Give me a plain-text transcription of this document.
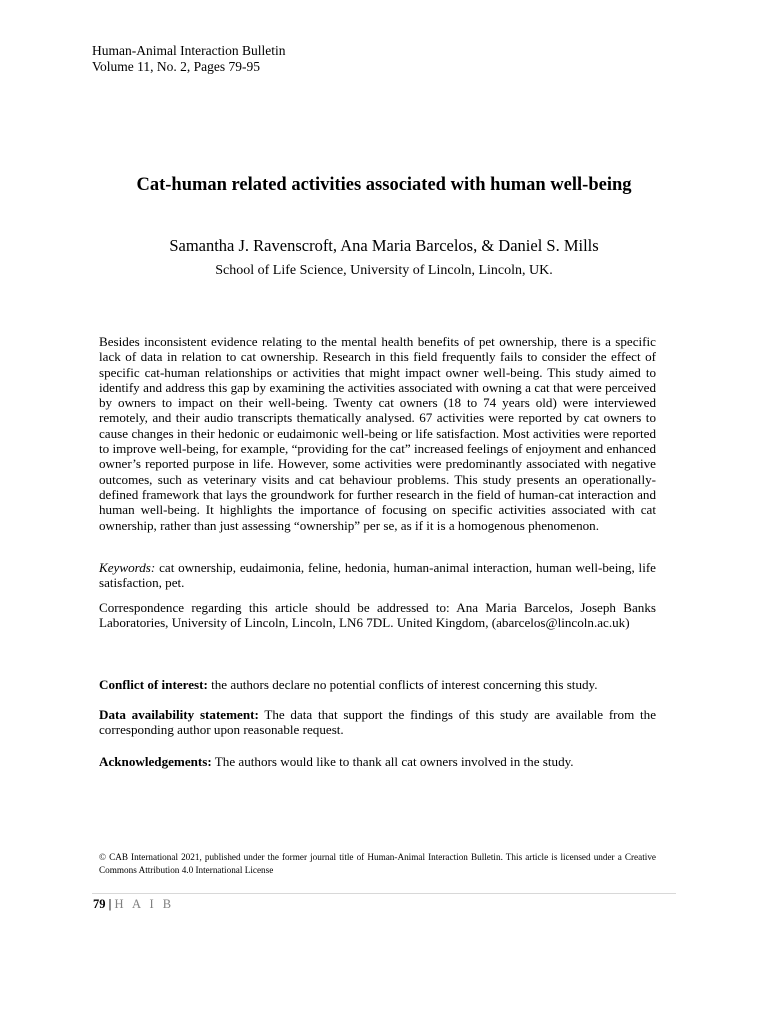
Human-Animal Interaction Bulletin
Volume 11, No. 2, Pages 79-95
Cat-human related activities associated with human well-being
Samantha J. Ravenscroft, Ana Maria Barcelos, & Daniel S. Mills
School of Life Science, University of Lincoln, Lincoln, UK.
Besides inconsistent evidence relating to the mental health benefits of pet ownership, there is a specific lack of data in relation to cat ownership. Research in this field frequently fails to consider the effect of specific cat-human relationships or activities that might impact owner well-being. This study aimed to identify and address this gap by examining the activities associated with owning a cat that were perceived by owners to impact on their well-being. Twenty cat owners (18 to 74 years old) were interviewed remotely, and their audio transcripts thematically analysed. 67 activities were reported by cat owners to cause changes in their hedonic or eudaimonic well-being or life satisfaction. Most activities were reported to improve well-being, for example, “providing for the cat” increased feelings of enjoyment and enhanced owner’s reported purpose in life. However, some activities were predominantly associated with negative outcomes, such as veterinary visits and cat behaviour problems. This study presents an operationally-defined framework that lays the groundwork for further research in the field of human-cat interaction and human well-being. It highlights the importance of focusing on specific activities associated with cat ownership, rather than just assessing “ownership” per se, as if it is a homogenous phenomenon.
Keywords: cat ownership, eudaimonia, feline, hedonia, human-animal interaction, human well-being, life satisfaction, pet.
Correspondence regarding this article should be addressed to: Ana Maria Barcelos, Joseph Banks Laboratories, University of Lincoln, Lincoln, LN6 7DL. United Kingdom, (abarcelos@lincoln.ac.uk)
Conflict of interest: the authors declare no potential conflicts of interest concerning this study.
Data availability statement: The data that support the findings of this study are available from the corresponding author upon reasonable request.
Acknowledgements: The authors would like to thank all cat owners involved in the study.
© CAB International 2021, published under the former journal title of Human-Animal Interaction Bulletin. This article is licensed under a Creative Commons Attribution 4.0 International License
79 | H A I B
